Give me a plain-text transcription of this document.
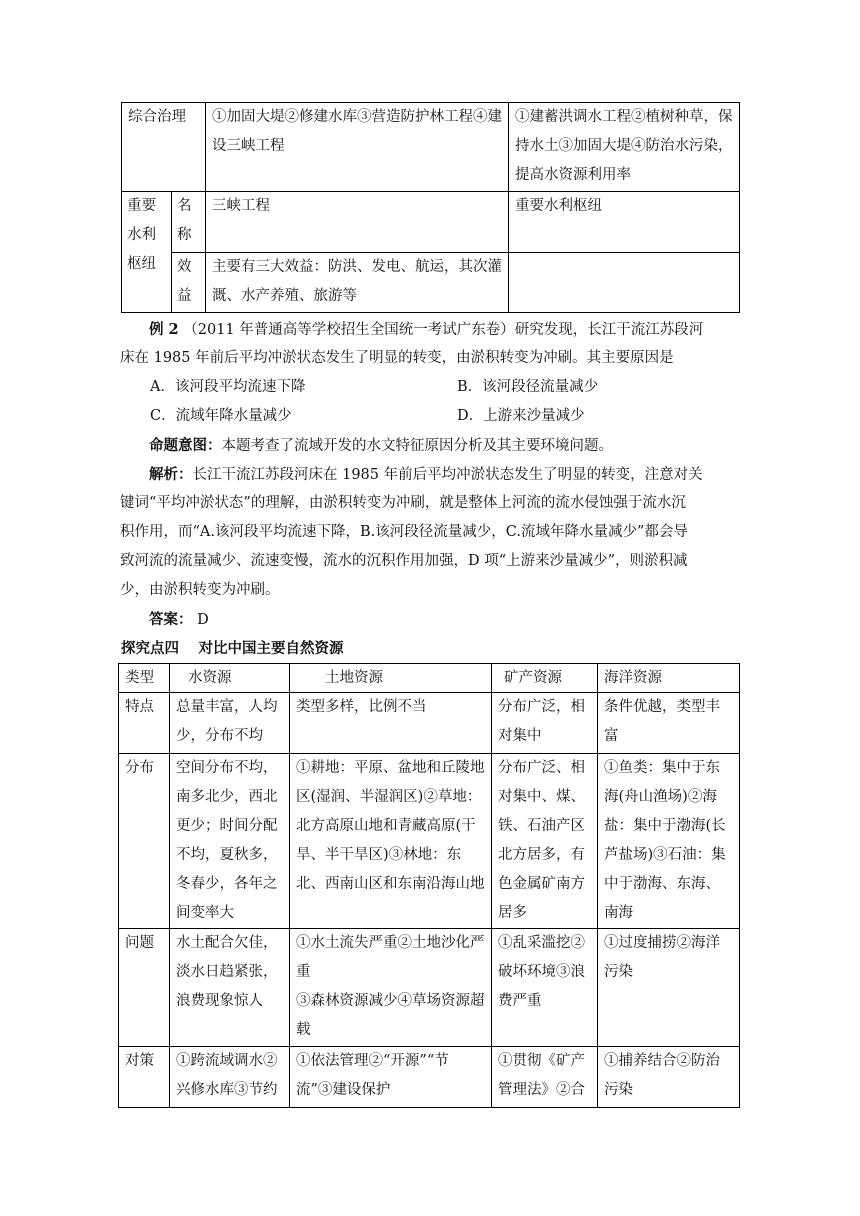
综合治理		①加固大堤②修建水库③营造防护林工程④建设三峡工程	①建蓄洪调水工程②植树种草，保持水土③加固大堤④防治水污染，提高水资源利用率
重要水利枢纽	名称	三峡工程	重要水利枢纽
	效益	主要有三大效益：防洪、发电、航运，其次灌溉、水产养殖、旅游等	

例 2 （2011 年普通高等学校招生全国统一考试广东卷）研究发现，长江干流江苏段河

床在 1985 年前后平均冲淤状态发生了明显的转变，由淤积转变为冲刷。其主要原因是

A．该河段平均流速下降	B．该河段径流量减少
C．流域年降水量减少	D．上游来沙量减少

命题意图：本题考查了流域开发的水文特征原因分析及其主要环境问题。

解析：长江干流江苏段河床在 1985 年前后平均冲淤状态发生了明显的转变，注意对关

键词“平均冲淤状态”的理解，由淤积转变为冲刷，就是整体上河流的流水侵蚀强于流水沉

积作用，而“A.该河段平均流速下降，B.该河段径流量减少，C.流域年降水量减少”都会导

致河流的流量减少、流速变慢，流水的沉积作用加强，D 项“上游来沙量减少”，则淤积减

少，由淤积转变为冲刷。

答案： D

探究点四　 对比中国主要自然资源

类型	水资源	土地资源	矿产资源	海洋资源
特点	总量丰富，人均少，分布不均	类型多样，比例不当	分布广泛，相对集中	条件优越，类型丰富
分布	空间分布不均，南多北少，西北更少；时间分配不均，夏秋多，冬春少，各年之间变率大	①耕地：平原、盆地和丘陵地区(湿润、半湿润区)②草地：北方高原山地和青藏高原(干旱、半干旱区)③林地：东北、西南山区和东南沿海山地	分布广泛、相对集中、煤、铁、石油产区北方居多，有色金属矿南方居多	①鱼类：集中于东海(舟山渔场)②海盐：集中于渤海(长芦盐场)③石油：集中于渤海、东海、南海
问题	水土配合欠佳，淡水日趋紧张，浪费现象惊人	①水土流失严重②土地沙化严重
③森林资源减少④草场资源超载	①乱采滥挖②破坏环境③浪费严重	①过度捕捞②海洋污染
对策	①跨流域调水②兴修水库③节约	①依法管理②“开源”“节流”③建设保护	①贯彻《矿产管理法》②合	①捕养结合②防治污染
